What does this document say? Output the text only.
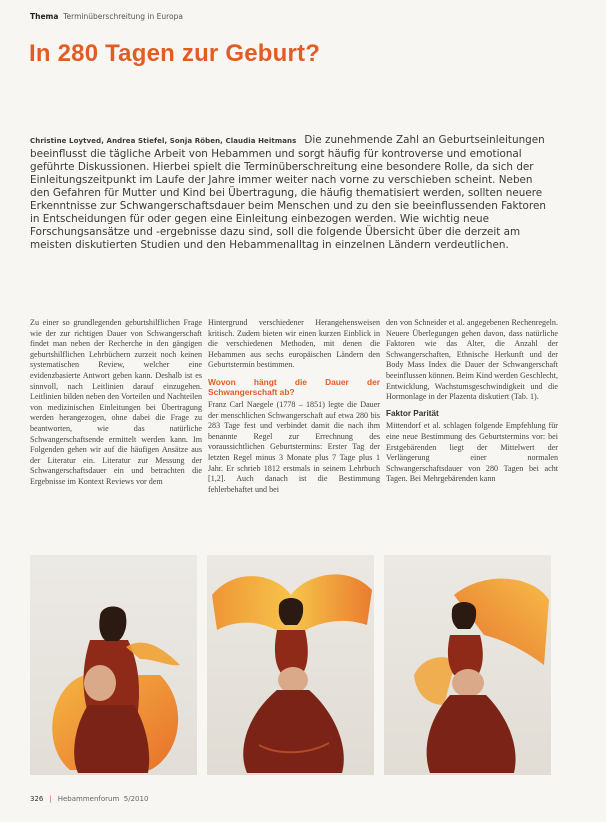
Thema Terminüberschreitung in Europa
In 280 Tagen zur Geburt?
Christine Loytved, Andrea Stiefel, Sonja Röben, Claudia Heitmans Die zunehmende Zahl an Geburtseinleitungen beeinflusst die tägliche Arbeit von Hebammen und sorgt häufig für kontroverse und emotional geführte Diskussionen. Hierbei spielt die Terminüberschreitung eine besondere Rolle, da sich der Einleitungszeitpunkt im Laufe der Jahre immer weiter nach vorne zu verschieben scheint. Neben den Gefahren für Mutter und Kind bei Übertragung, die häufig thematisiert werden, sollten neuere Erkenntnisse zur Schwangerschaftsdauer beim Menschen und zu den sie beeinflussenden Faktoren in Entscheidungen für oder gegen eine Einleitung einbezogen werden. Wie wichtig neue Forschungsansätze und -ergebnisse dazu sind, soll die folgende Übersicht über die derzeit am meisten diskutierten Studien und den Hebammenalltag in einzelnen Ländern verdeutlichen.

Zu einer so grundlegenden geburtshilflichen Frage wie der zur richtigen Dauer von Schwangerschaft findet man neben der Recherche in den gängigen geburtshilflichen Lehrbüchern zurzeit noch keinen systematischen Review, welcher eine evidenzbasierte Antwort geben kann. Deshalb ist es sinnvoll, nach Leitlinien darauf einzugehen. Leitlinien bilden neben den Vorteilen und Nachteilen von medizinischen Einleitungen bei Übertragung werden herangezogen, ohne dabei die Frage zu beantworten, wie das natürliche Schwangerschaftsende ermittelt werden kann. Im Folgenden gehen wir auf die häufigen Ansätze aus der Literatur ein. Literatur zur Messung der Schwangerschaftsdauer ein und betrachten die Ergebnisse im Kontext Reviews vor dem

Hintergrund verschiedener Herangehensweisen kritisch. Zudem bieten wir einen kurzen Einblick in die verschiedenen Methoden, mit denen die Hebammen aus sechs europäischen Ländern den Geburtstermin bestimmen.

Wovon hängt die Dauer der Schwangerschaft ab?

Franz Carl Naegele (1778 – 1851) legte die Dauer der menschlichen Schwangerschaft auf etwa 280 bis 283 Tage fest und verbindet damit die nach ihm benannte Regel zur Errechnung des voraussichtlichen Geburtstermins: Erster Tag der letzten Regel minus 3 Monate plus 7 Tage plus 1 Jahr. Er schrieb 1812 erstmals in seinem Lehrbuch [1,2]. Auch danach ist die Bestimmung fehlerbehaftet und bei

den von Schneider et al. angegebenen Rechenregeln. Neuere Überlegungen gehen davon, dass natürliche Faktoren wie das Alter, die Anzahl der Schwangerschaften, Ethnische Herkunft und der Body Mass Index die Dauer der Schwangerschaft beeinflussen können. Beim Kind werden Geschlecht, Entwicklung, Wachstumsgeschwindigkeit und die Hormonlage in der Plazenta diskutiert (Tab. 1).

Faktor Parität

Mittendorf et al. schlagen folgende Empfehlung für eine neue Bestimmung des Geburtstermins vor: bei Erstgebärenden liegt der Mittelwert der Verlängerung einer normalen Schwangerschaftsdauer von 280 Tagen bei acht Tagen. Bei Mehrgebärenden kann

326 | Hebammenforum 5/2010
